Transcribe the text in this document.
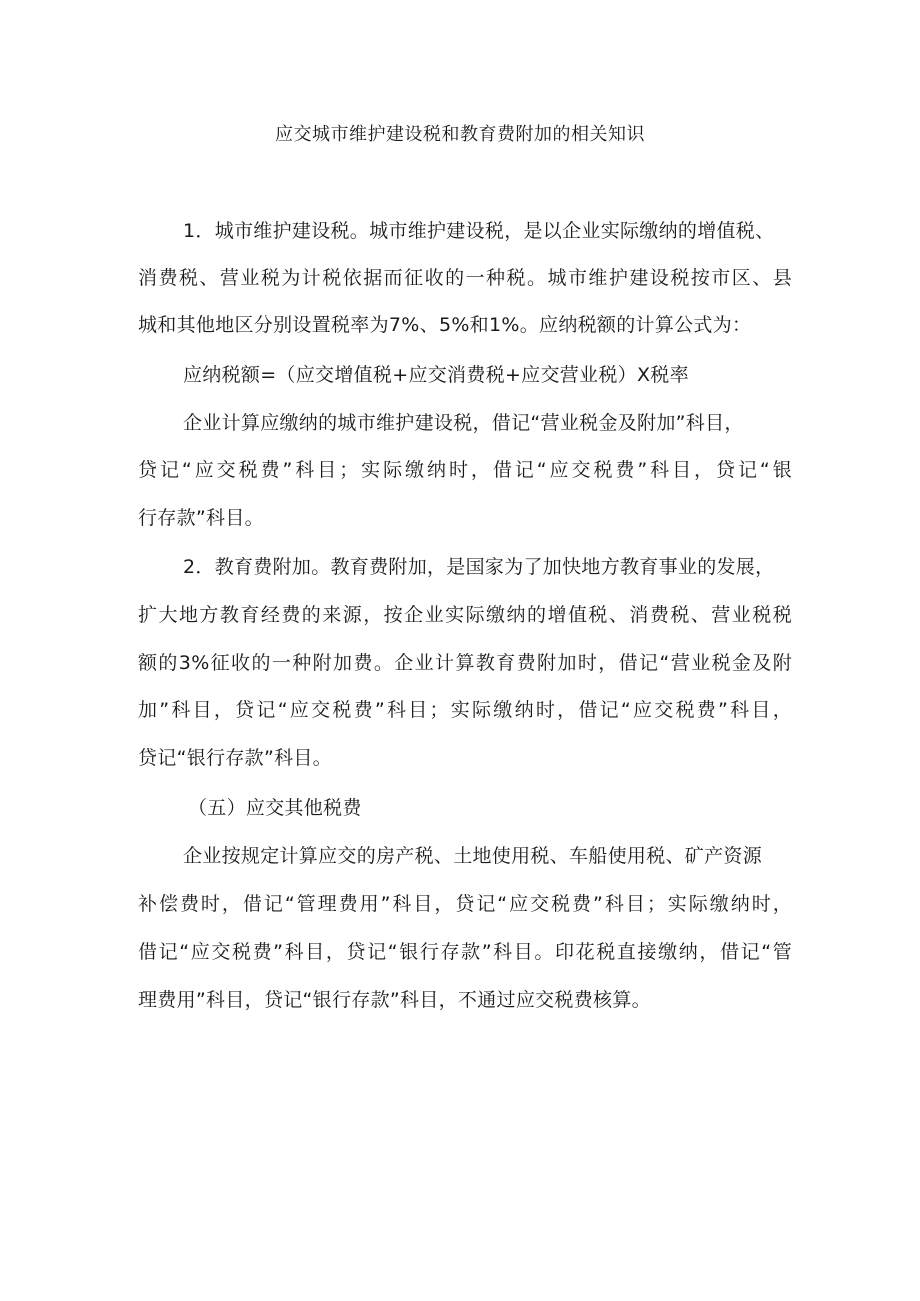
应交城市维护建设税和教育费附加的相关知识
1．城市维护建设税。城市维护建设税，是以企业实际缴纳的增值税、
消费税、营业税为计税依据而征收的一种税。城市维护建设税按市区、县
城和其他地区分别设置税率为7%、5%和1%。应纳税额的计算公式为：
应纳税额=（应交增值税+应交消费税+应交营业税）X税率
企业计算应缴纳的城市维护建设税，借记“营业税金及附加”科目，
贷记“应交税费”科目；实际缴纳时，借记“应交税费”科目，贷记“银
行存款”科目。
2．教育费附加。教育费附加，是国家为了加快地方教育事业的发展，
扩大地方教育经费的来源，按企业实际缴纳的增值税、消费税、营业税税
额的3%征收的一种附加费。企业计算教育费附加时，借记“营业税金及附
加”科目，贷记“应交税费”科目；实际缴纳时，借记“应交税费”科目，
贷记“银行存款”科目。
（五）应交其他税费
企业按规定计算应交的房产税、土地使用税、车船使用税、矿产资源
补偿费时，借记“管理费用”科目，贷记“应交税费”科目；实际缴纳时，
借记“应交税费”科目，贷记“银行存款”科目。印花税直接缴纳，借记“管
理费用”科目，贷记“银行存款”科目，不通过应交税费核算。
